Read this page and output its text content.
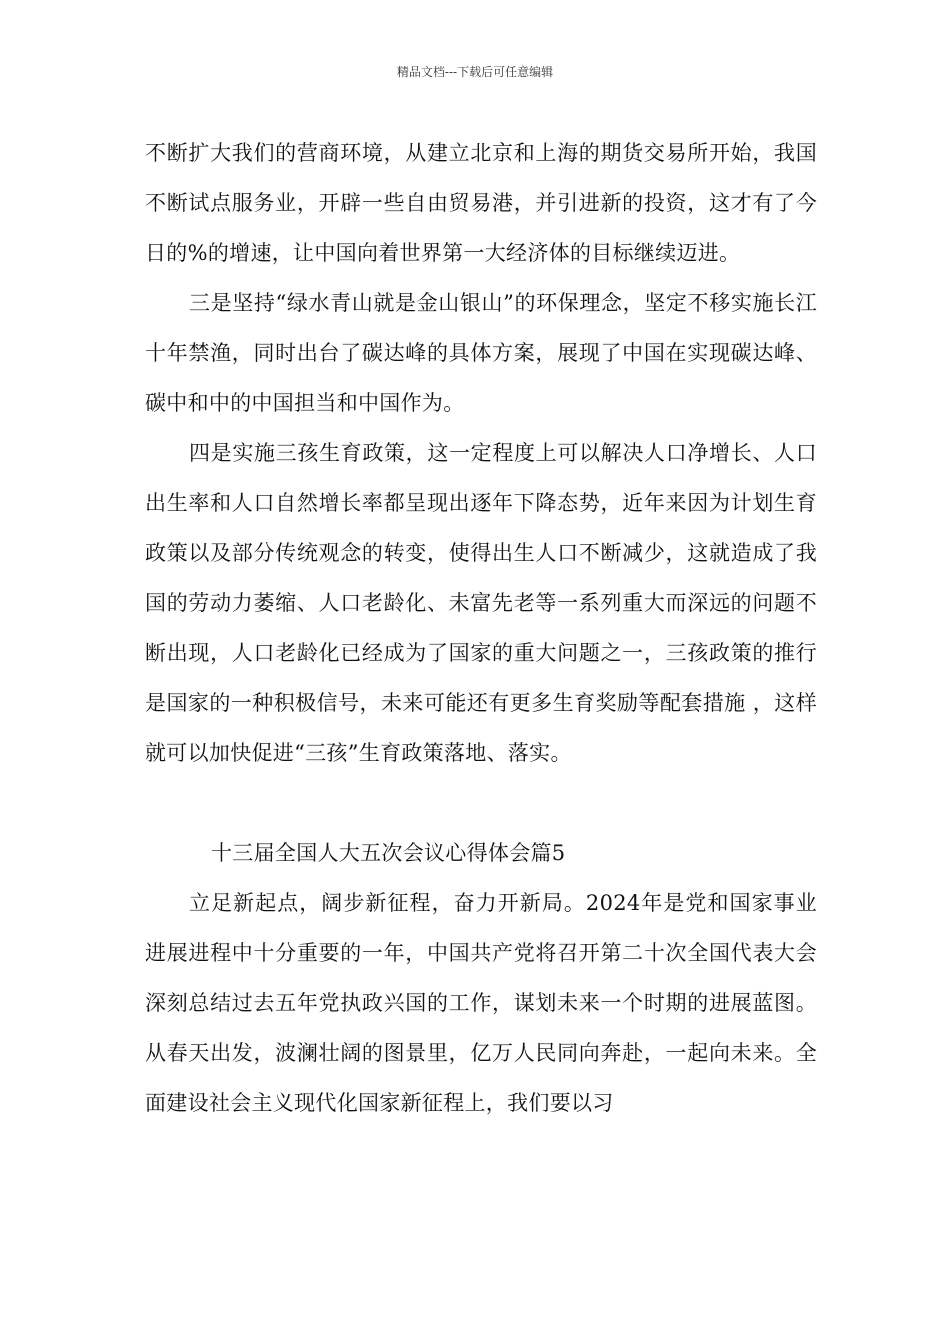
精品文档---下载后可任意编辑

不断扩大我们的营商环境，从建立北京和上海的期货交易所开始，我国不断试点服务业，开辟一些自由贸易港，并引进新的投资，这才有了今日的%的增速，让中国向着世界第一大经济体的目标继续迈进。

三是坚持“绿水青山就是金山银山”的环保理念，坚定不移实施长江十年禁渔，同时出台了碳达峰的具体方案，展现了中国在实现碳达峰、碳中和中的中国担当和中国作为。

四是实施三孩生育政策，这一定程度上可以解决人口净增长、人口出生率和人口自然增长率都呈现出逐年下降态势，近年来因为计划生育政策以及部分传统观念的转变，使得出生人口不断减少，这就造成了我国的劳动力萎缩、人口老龄化、未富先老等一系列重大而深远的问题不断出现，人口老龄化已经成为了国家的重大问题之一，三孩政策的推行是国家的一种积极信号，未来可能还有更多生育奖励等配套措施 ，这样就可以加快促进“三孩”生育政策落地、落实。

十三届全国人大五次会议心得体会篇5

立足新起点，阔步新征程，奋力开新局。2024年是党和国家事业进展进程中十分重要的一年，中国共产党将召开第二十次全国代表大会深刻总结过去五年党执政兴国的工作，谋划未来一个时期的进展蓝图。从春天出发，波澜壮阔的图景里，亿万人民同向奔赴，一起向未来。全面建设社会主义现代化国家新征程上，我们要以习
